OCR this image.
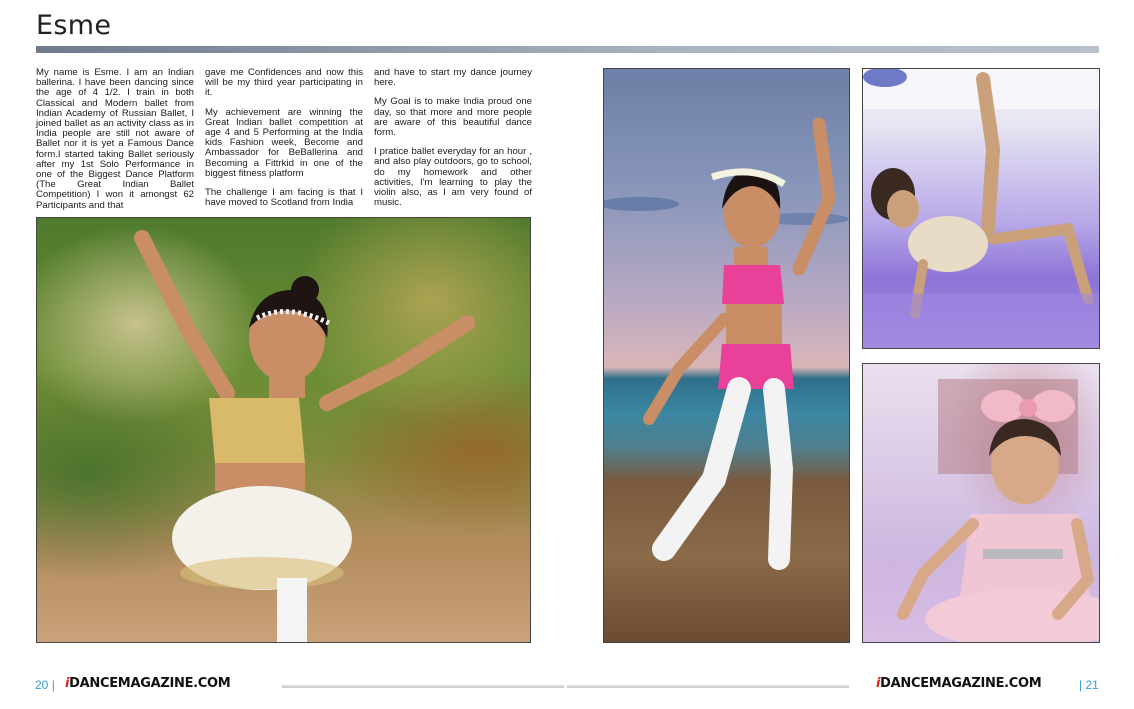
Esme

My name is Esme. I am an Indian ballerina. I have been dancing since the age of 4 1/2. I train in both Classical and Modern ballet from Indian Academy of Russian Ballet, I joined ballet as an activity class as in India people are still not aware of Ballet nor it is yet a Famous Dance form.I started taking Ballet seriously after my 1st Solo Performance in one of the Biggest Dance Platform (The Great Indian Ballet Competition) I won it amongst 62 Participants and that

gave me Confidences and now this will be my third year participating in it.

My achievement are winning the Great Indian ballet competition at age 4 and 5 Performing at the India kids Fashion week, Become and Ambassador for BeBallerina and Becoming a Fittrkid in one of the biggest fitness platform

The challenge I am facing is that I have moved to Scotland from India

and have to start my dance journey here.

My Goal is to make India proud one day, so that more and more people are aware of this beautiful dance form.

I pratice ballet everyday for an hour , and also play outdoors, go to school, do my homework and other activities, I'm learning to play the violin also, as I am very found of music.

20 | iDANCEMAGAZINE.COM	iDANCEMAGAZINE.COM	| 21
